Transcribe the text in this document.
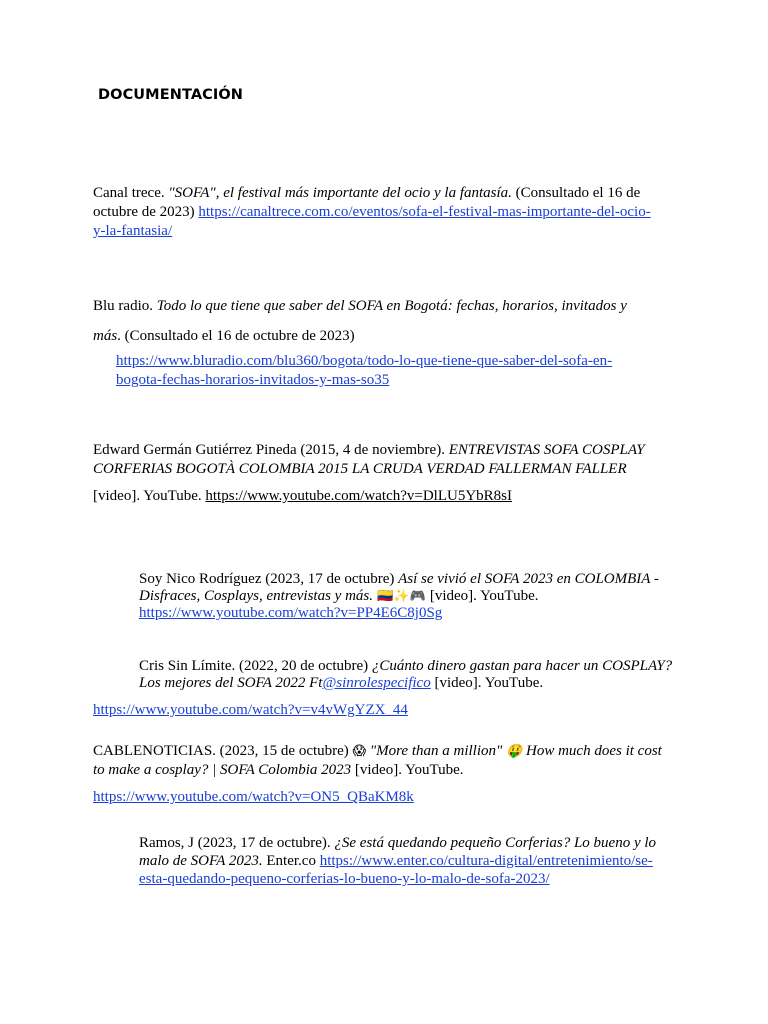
DOCUMENTACIÓN

Canal trece. "SOFA", el festival más importante del ocio y la fantasía. (Consultado el 16 de octubre de 2023) https://canaltrece.com.co/eventos/sofa-el-festival-mas-importante-del-ocio-
y-la-fantasia/

Blu radio. Todo lo que tiene que saber del SOFA en Bogotá: fechas, horarios, invitados y
más. (Consultado el 16 de octubre de 2023)

https://www.bluradio.com/blu360/bogota/todo-lo-que-tiene-que-saber-del-sofa-en-
bogota-fechas-horarios-invitados-y-mas-so35

Edward Germán Gutiérrez Pineda (2015, 4 de noviembre). ENTREVISTAS SOFA COSPLAY CORFERIAS BOGOTÀ COLOMBIA 2015 LA CRUDA VERDAD FALLERMAN FALLER

[video]. YouTube. https://www.youtube.com/watch?v=DlLU5YbR8sI

Soy Nico Rodríguez (2023, 17 de octubre) Así se vivió el SOFA 2023 en COLOMBIA - Disfraces, Cosplays, entrevistas y más. 🇨🇴✨🎮 [video]. YouTube.
https://www.youtube.com/watch?v=PP4E6C8j0Sg

Cris Sin Límite. (2022, 20 de octubre) ¿Cuánto dinero gastan para hacer un COSPLAY? Los mejores del SOFA 2022 Ft@sinrolespecifico [video]. YouTube.

https://www.youtube.com/watch?v=v4vWgYZX_44

CABLENOTICIAS. (2023, 15 de octubre) 😱 "More than a million" 🤑 How much does it cost to make a cosplay? | SOFA Colombia 2023 [video]. YouTube.

https://www.youtube.com/watch?v=ON5_QBaKM8k

Ramos, J (2023, 17 de octubre). ¿Se está quedando pequeño Corferias? Lo bueno y lo malo de SOFA 2023. Enter.co https://www.enter.co/cultura-digital/entretenimiento/se-
esta-quedando-pequeno-corferias-lo-bueno-y-lo-malo-de-sofa-2023/
